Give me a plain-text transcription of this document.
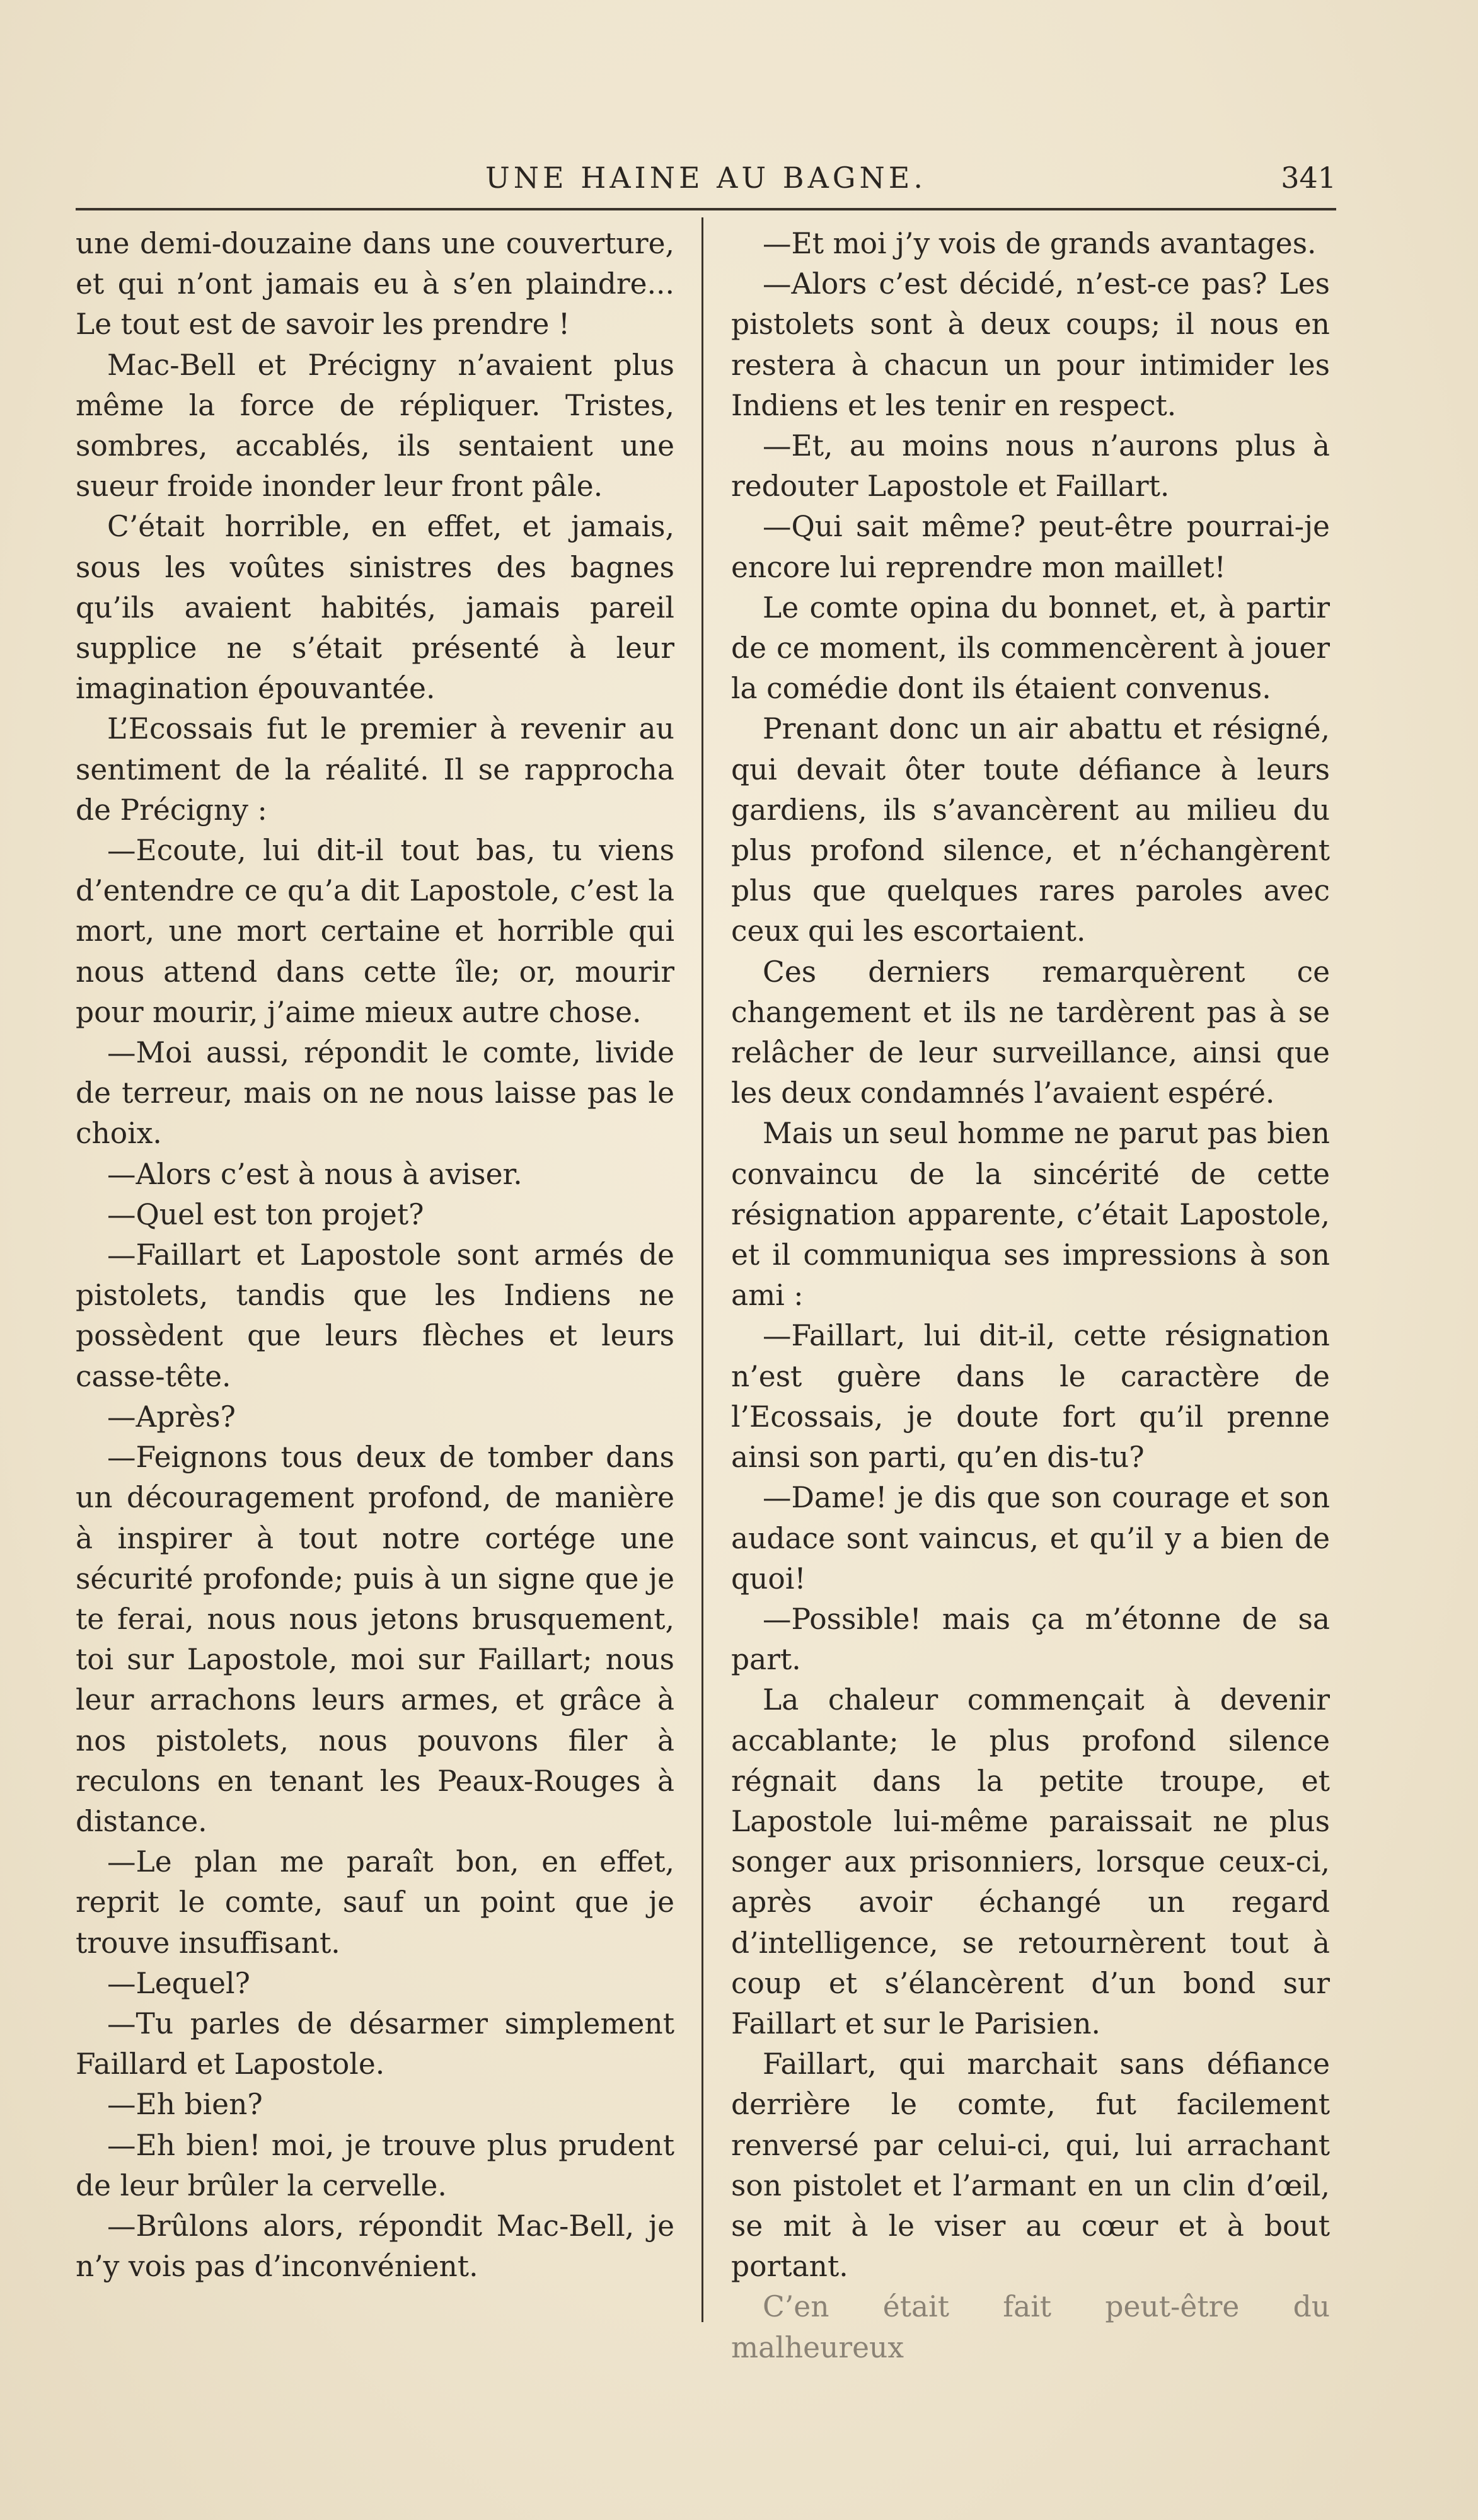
UNE HAINE AU BAGNE.	341

une demi-douzaine dans une couverture, et qui n’ont jamais eu à s’en plaindre... Le tout est de savoir les prendre !

Mac-Bell et Précigny n’avaient plus même la force de répliquer. Tristes, sombres, accablés, ils sentaient une sueur froide inonder leur front pâle.

C’était horrible, en effet, et jamais, sous les voûtes sinistres des bagnes qu’ils avaient habités, jamais pareil supplice ne s’était présenté à leur imagination épouvantée.

L’Ecossais fut le premier à revenir au sentiment de la réalité. Il se rapprocha de Précigny :

—Ecoute, lui dit-il tout bas, tu viens d’entendre ce qu’a dit Lapostole, c’est la mort, une mort certaine et horrible qui nous attend dans cette île; or, mourir pour mourir, j’aime mieux autre chose.

—Moi aussi, répondit le comte, livide de terreur, mais on ne nous laisse pas le choix.

—Alors c’est à nous à aviser.

—Quel est ton projet?

—Faillart et Lapostole sont armés de pistolets, tandis que les Indiens ne possèdent que leurs flèches et leurs casse-tête.

—Après?

—Feignons tous deux de tomber dans un découragement profond, de manière à inspirer à tout notre cortége une sécurité profonde; puis à un signe que je te ferai, nous nous jetons brusquement, toi sur Lapostole, moi sur Faillart; nous leur arrachons leurs armes, et grâce à nos pistolets, nous pouvons filer à reculons en tenant les Peaux-Rouges à distance.

—Le plan me paraît bon, en effet, reprit le comte, sauf un point que je trouve insuffisant.

—Lequel?

—Tu parles de désarmer simplement Faillard et Lapostole.

—Eh bien?

—Eh bien! moi, je trouve plus prudent de leur brûler la cervelle.

—Brûlons alors, répondit Mac-Bell, je n’y vois pas d’inconvénient.

—Et moi j’y vois de grands avantages.

—Alors c’est décidé, n’est-ce pas? Les pistolets sont à deux coups; il nous en restera à chacun un pour intimider les Indiens et les tenir en respect.

—Et, au moins nous n’aurons plus à redouter Lapostole et Faillart.

—Qui sait même? peut-être pourrai-je encore lui reprendre mon maillet!

Le comte opina du bonnet, et, à partir de ce moment, ils commencèrent à jouer la comédie dont ils étaient convenus.

Prenant donc un air abattu et résigné, qui devait ôter toute défiance à leurs gardiens, ils s’avancèrent au milieu du plus profond silence, et n’échangèrent plus que quelques rares paroles avec ceux qui les escortaient.

Ces derniers remarquèrent ce changement et ils ne tardèrent pas à se relâcher de leur surveillance, ainsi que les deux condamnés l’avaient espéré.

Mais un seul homme ne parut pas bien convaincu de la sincérité de cette résignation apparente, c’était Lapostole, et il communiqua ses impressions à son ami :

—Faillart, lui dit-il, cette résignation n’est guère dans le caractère de l’Ecossais, je doute fort qu’il prenne ainsi son parti, qu’en dis-tu?

—Dame! je dis que son courage et son audace sont vaincus, et qu’il y a bien de quoi!

—Possible! mais ça m’étonne de sa part.

La chaleur commençait à devenir accablante; le plus profond silence régnait dans la petite troupe, et Lapostole lui-même paraissait ne plus songer aux prisonniers, lorsque ceux-ci, après avoir échangé un regard d’intelligence, se retournèrent tout à coup et s’élancèrent d’un bond sur Faillart et sur le Parisien.

Faillart, qui marchait sans défiance derrière le comte, fut facilement renversé par celui-ci, qui, lui arrachant son pistolet et l’armant en un clin d’œil, se mit à le viser au cœur et à bout portant.

C’en était fait peut-être du malheureux
